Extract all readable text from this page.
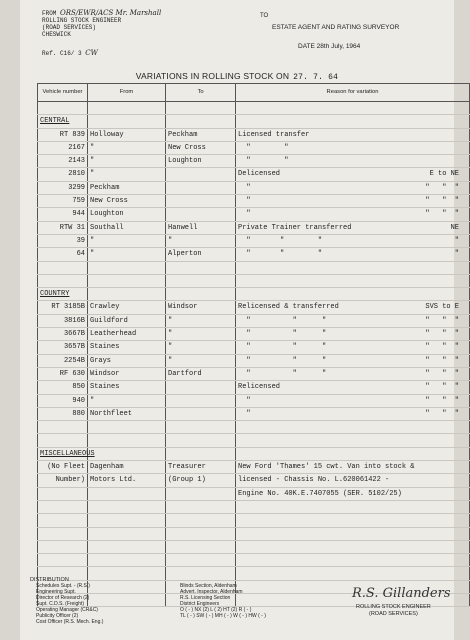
FROM ORS/EWR/ACS Mr. Marshall
ROLLING STOCK ENGINEER
(ROAD SERVICES)
CHESWICK
Ref. C16/ 3 CW
TO
ESTATE AGENT AND RATING SURVEYOR
DATE 28th July, 1964
VARIATIONS IN ROLLING STOCK ON 27. 7. 64
Vehicle number	From	To	Reason for variation

CENTRAL			

RT 839	Holloway	Peckham	Licensed transfer

2167	"	New Cross	"        "

2143	"	Loughton	"        "

2810	"		Delicensed E to NE

3299	Peckham		" "   "  "

759	New Cross		" "   "  "

944	Loughton		" "   "  "

RTW 31	Southall	Hanwell	Private Trainer transferred NE

39	"	"	"       "        " "

64	"	Alperton	"       "        " "

COUNTRY			

RT 3185B	Crawley	Windsor	Relicensed & transferred SVS to E

3816B	Guildford	"	"          "      " "   "  "

3667B	Leatherhead	"	"          "      " "   "  "

3657B	Staines	"	"          "      " "   "  "

2254B	Grays	"	"          "      " "   "  "

RF 630	Windsor	Dartford	"          "      " "   "  "

850	Staines		Relicensed "   "  "

940	"		" "   "  "

880	Northfleet		" "   "  "

MISCELLANEOUS			

(No Fleet	Dagenham	Treasurer	New Ford 'Thames' 15 cwt. Van into stock &

Number)	Motors Ltd.	(Group 1)	licensed - Chassis No. L.620061422 -

			Engine No. 40K.E.7407055 (SER. 5102/25)

DISTRIBUTION
Schedules Supt. - (R.S.)
Engineering Supt.
Director of Research (2)
Supt. C.D.S. (Freight)
Operating Manager (CR&C)
Publicity Officer (2)
Cost Officer (R.S. Mech. Eng.)
Blinds Section, Aldenham
Advert. Inspector, Aldenham
R.S. Licensing Section
District Engineers
O ( - ) NX (2) L ( 2) HT (2) R ( - )
TL ( - ) SW ( - ) MH ( - ) W ( - ) HW ( - )
R.S. Gillanders
ROLLING STOCK ENGINEER
(ROAD SERVICES)
